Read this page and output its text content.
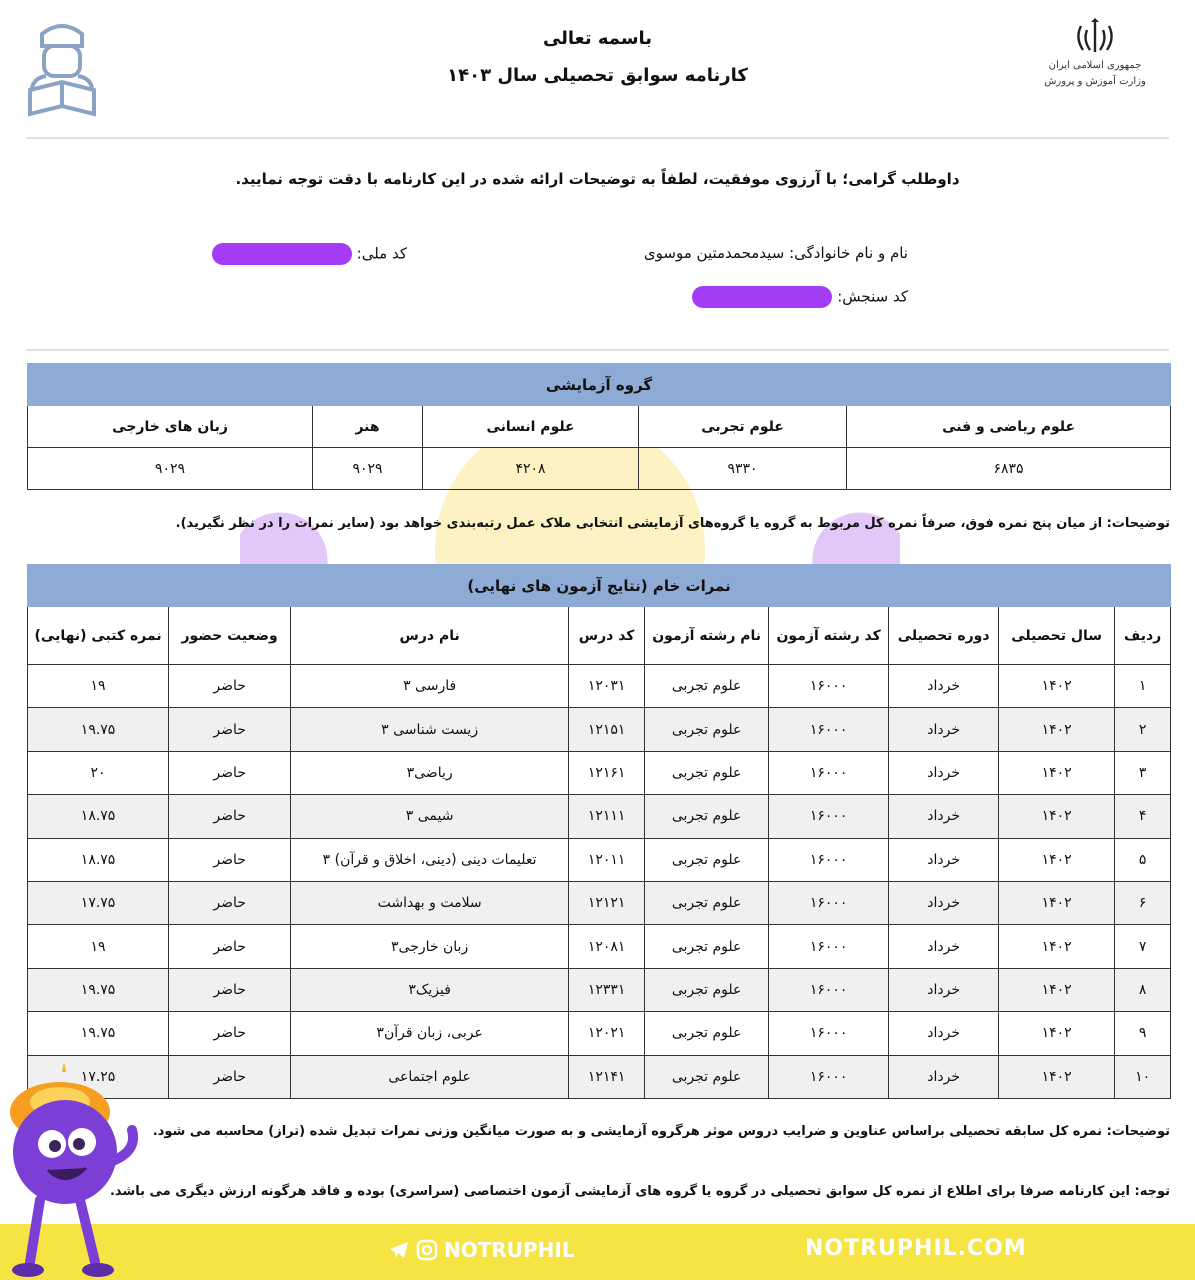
باسمه تعالی
کارنامه سوابق تحصیلی سال ۱۴۰۳	جمهوری اسلامی ایران
وزارت آموزش و پرورش
داوطلب گرامی؛ با آرزوی موفقیت، لطفاً به توضیحات ارائه شده در این کارنامه با دقت توجه نمایید.
نام و نام خانوادگی: سیدمحمدمتین موسوی
کد ملی:
کد سنجش:
گروه آزمایشی				
علوم ریاضی و فنی	علوم تجربی	علوم انسانی	هنر	زبان های خارجی
۶۸۳۵	۹۳۳۰	۴۲۰۸	۹۰۲۹	۹۰۲۹
توضیحات: از میان پنج نمره فوق، صرفاً نمره کل مربوط به گروه یا گروه‌های آزمایشی انتخابی ملاک عمل رتبه‌بندی خواهد بود (سایر نمرات را در نظر نگیرید).
نمرات خام (نتایج آزمون های نهایی)								
ردیف	سال تحصیلی	دوره تحصیلی	کد رشته آزمون	نام رشته آزمون	کد درس	نام درس	وضعیت حضور	نمره کتبی (نهایی)
۱	۱۴۰۲	خرداد	۱۶۰۰۰	علوم تجربی	۱۲۰۳۱	فارسی ۳	حاضر	۱۹
۲	۱۴۰۲	خرداد	۱۶۰۰۰	علوم تجربی	۱۲۱۵۱	زیست شناسی ۳	حاضر	۱۹.۷۵
۳	۱۴۰۲	خرداد	۱۶۰۰۰	علوم تجربی	۱۲۱۶۱	ریاضی۳	حاضر	۲۰
۴	۱۴۰۲	خرداد	۱۶۰۰۰	علوم تجربی	۱۲۱۱۱	شیمی ۳	حاضر	۱۸.۷۵
۵	۱۴۰۲	خرداد	۱۶۰۰۰	علوم تجربی	۱۲۰۱۱	تعلیمات دینی (دینی، اخلاق و قرآن) ۳	حاضر	۱۸.۷۵
۶	۱۴۰۲	خرداد	۱۶۰۰۰	علوم تجربی	۱۲۱۲۱	سلامت و بهداشت	حاضر	۱۷.۷۵
۷	۱۴۰۲	خرداد	۱۶۰۰۰	علوم تجربی	۱۲۰۸۱	زبان خارجی۳	حاضر	۱۹
۸	۱۴۰۲	خرداد	۱۶۰۰۰	علوم تجربی	۱۲۳۳۱	فیزیک۳	حاضر	۱۹.۷۵
۹	۱۴۰۲	خرداد	۱۶۰۰۰	علوم تجربی	۱۲۰۲۱	عربی، زبان قرآن۳	حاضر	۱۹.۷۵
۱۰	۱۴۰۲	خرداد	۱۶۰۰۰	علوم تجربی	۱۲۱۴۱	علوم اجتماعی	حاضر	۱۷.۲۵
توضیحات: نمره کل سابقه تحصیلی براساس عناوین و ضرایب دروس موثر هرگروه آزمایشی و به صورت میانگین وزنی نمرات تبدیل شده (تراز) محاسبه می شود.
توجه: این کارنامه صرفا برای اطلاع از نمره کل سوابق تحصیلی در گروه یا گروه های آزمایشی آزمون اختصاصی (سراسری) بوده و فاقد هرگونه ارزش دیگری می باشد.
NOTRUPHIL	NOTRUPHIL.COM
